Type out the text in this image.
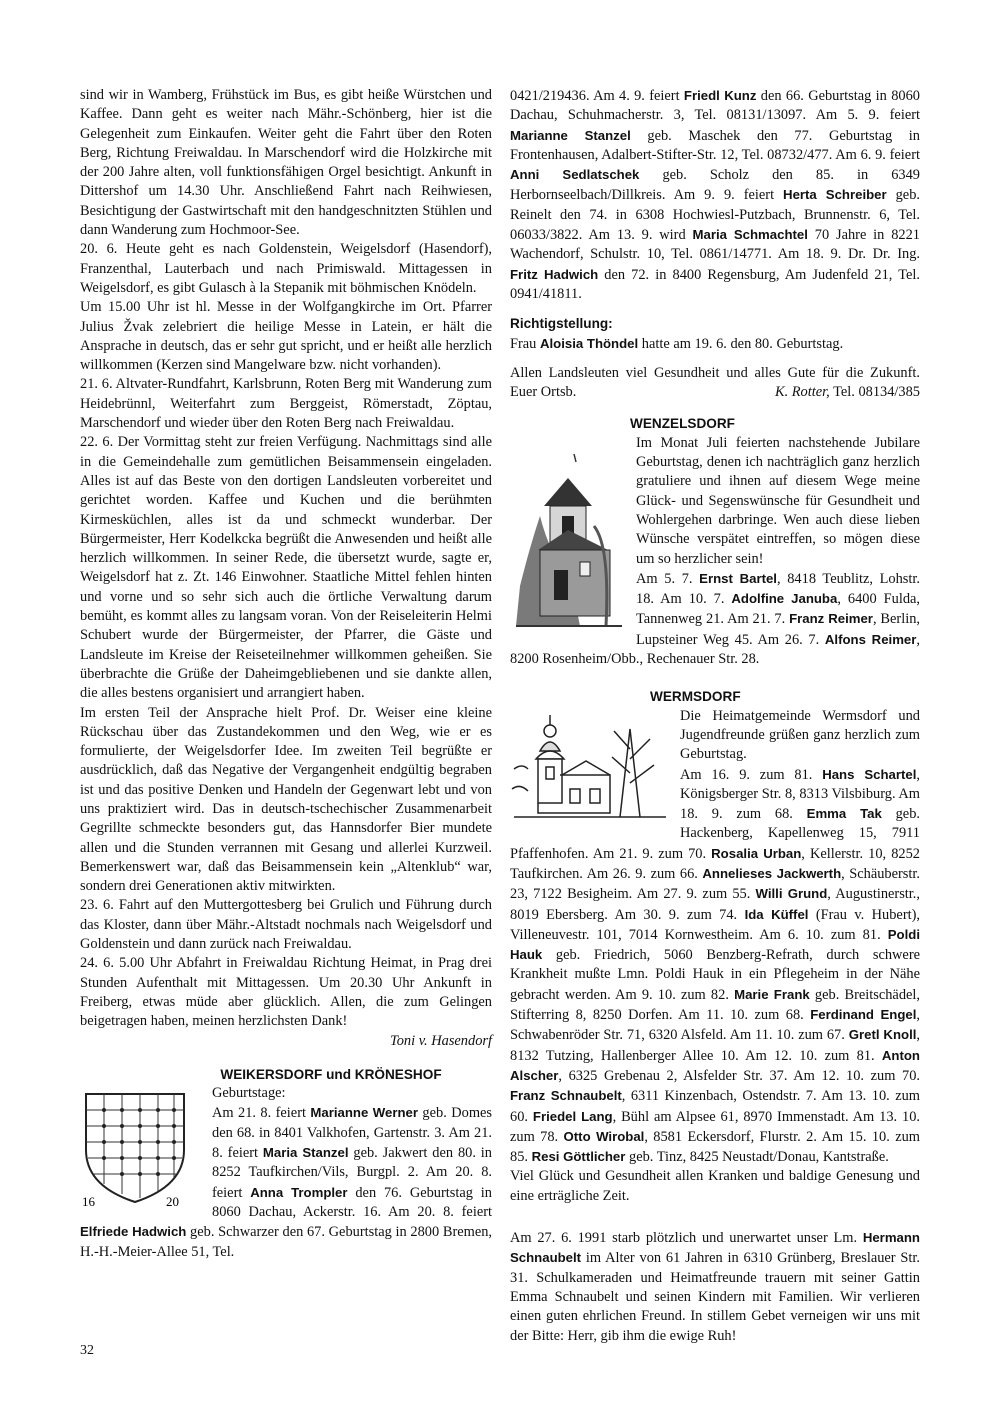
sind wir in Wamberg, Frühstück im Bus, es gibt heiße Würstchen und Kaffee. Dann geht es weiter nach Mähr.-Schönberg, hier ist die Gelegenheit zum Einkaufen. Weiter geht die Fahrt über den Roten Berg, Richtung Freiwaldau. In Marschendorf wird die Holzkirche mit der 200 Jahre alten, voll funktionsfähigen Orgel besichtigt. Ankunft in Dittershof um 14.30 Uhr. Anschließend Fahrt nach Reihwiesen, Besichtigung der Gastwirtschaft mit den handgeschnitzten Stühlen und dann Wanderung zum Hochmoor-See.

20. 6. Heute geht es nach Goldenstein, Weigelsdorf (Hasendorf), Franzenthal, Lauterbach und nach Primiswald. Mittagessen in Weigelsdorf, es gibt Gulasch à la Stepanik mit böhmischen Knödeln.

Um 15.00 Uhr ist hl. Messe in der Wolfgangkirche im Ort. Pfarrer Julius Žvak zelebriert die heilige Messe in Latein, er hält die Ansprache in deutsch, das er sehr gut spricht, und er heißt alle herzlich willkommen (Kerzen sind Mangelware bzw. nicht vorhanden).

21. 6. Altvater-Rundfahrt, Karlsbrunn, Roten Berg mit Wanderung zum Heidebrünnl, Weiterfahrt zum Berggeist, Römerstadt, Zöptau, Marschendorf und wieder über den Roten Berg nach Freiwaldau.

22. 6. Der Vormittag steht zur freien Verfügung. Nachmittags sind alle in die Gemeindehalle zum gemütlichen Beisammensein eingeladen. Alles ist auf das Beste von den dortigen Landsleuten vorbereitet und gerichtet worden. Kaffee und Kuchen und die berühmten Kirmesküchlen, alles ist da und schmeckt wunderbar. Der Bürgermeister, Herr Kodelkcka begrüßt die Anwesenden und heißt alle herzlich willkommen. In seiner Rede, die übersetzt wurde, sagte er, Weigelsdorf hat z. Zt. 146 Einwohner. Staatliche Mittel fehlen hinten und vorne und so sehr sich auch die örtliche Verwaltung darum bemüht, es kommt alles zu langsam voran. Von der Reiseleiterin Helmi Schubert wurde der Bürgermeister, der Pfarrer, die Gäste und Landsleute im Kreise der Reiseteilnehmer willkommen geheißen. Sie überbrachte die Grüße der Daheimgebliebenen und sie dankte allen, die alles bestens organisiert und arrangiert haben.

Im ersten Teil der Ansprache hielt Prof. Dr. Weiser eine kleine Rückschau über das Zustandekommen und den Weg, wie er es formulierte, der Weigelsdorfer Idee. Im zweiten Teil begrüßte er ausdrücklich, daß das Negative der Vergangenheit endgültig begraben ist und das positive Denken und Handeln der Gegenwart lebt und von uns praktiziert wird. Das in deutsch-tschechischer Zusammenarbeit Gegrillte schmeckte besonders gut, das Hannsdorfer Bier mundete allen und die Stunden verrannen mit Gesang und allerlei Kurzweil. Bemerkenswert war, daß das Beisammensein kein „Altenklub“ war, sondern drei Generationen aktiv mitwirkten.

23. 6. Fahrt auf den Muttergottesberg bei Grulich und Führung durch das Kloster, dann über Mähr.-Altstadt nochmals nach Weigelsdorf und Goldenstein und dann zurück nach Freiwaldau.

24. 6. 5.00 Uhr Abfahrt in Freiwaldau Richtung Heimat, in Prag drei Stunden Aufenthalt mit Mittagessen. Um 20.30 Uhr Ankunft in Freiberg, etwas müde aber glücklich. Allen, die zum Gelingen beigetragen haben, meinen herzlichsten Dank!

Toni v. Hasendorf

WEIKERSDORF und KRÖNESHOF

16	20

Geburtstage:

Am 21. 8. feiert Marianne Werner geb. Domes den 68. in 8401 Valkhofen, Gartenstr. 3. Am 21. 8. feiert Maria Stanzel geb. Jakwert den 80. in 8252 Taufkirchen/Vils, Burgpl. 2. Am 20. 8. feiert Anna Trompler den 76. Geburtstag in 8060 Dachau, Ackerstr. 16. Am 20. 8. feiert Elfriede Hadwich geb. Schwarzer den 67. Geburtstag in 2800 Bremen, H.-H.-Meier-Allee 51, Tel.

0421/219436. Am 4. 9. feiert Friedl Kunz den 66. Geburtstag in 8060 Dachau, Schuhmacherstr. 3, Tel. 08131/13097. Am 5. 9. feiert Marianne Stanzel geb. Maschek den 77. Geburtstag in Frontenhausen, Adalbert-Stifter-Str. 12, Tel. 08732/477. Am 6. 9. feiert Anni Sedlatschek geb. Scholz den 85. in 6349 Herbornseelbach/Dillkreis. Am 9. 9. feiert Herta Schreiber geb. Reinelt den 74. in 6308 Hochwiesl-Putzbach, Brunnenstr. 6, Tel. 06033/3822. Am 13. 9. wird Maria Schmachtel 70 Jahre in 8221 Wachendorf, Schulstr. 10, Tel. 0861/14771. Am 18. 9. Dr. Dr. Ing. Fritz Hadwich den 72. in 8400 Regensburg, Am Judenfeld 21, Tel. 0941/41811.

Richtigstellung:

Frau Aloisia Thöndel hatte am 19. 6. den 80. Geburtstag.

Allen Landsleuten viel Gesundheit und alles Gute für die Zukunft. Euer Ortsb.	K. Rotter, Tel. 08134/385

WENZELSDORF

Im Monat Juli feierten nachstehende Jubilare Geburtstag, denen ich nachträglich ganz herzlich gratuliere und ihnen auf diesem Wege meine Glück- und Segenswünsche für Gesundheit und Wohlergehen darbringe. Wen auch diese lieben Wünsche verspätet eintreffen, so mögen diese um so herzlicher sein!

Am 5. 7. Ernst Bartel, 8418 Teublitz, Lohstr. 18. Am 10. 7. Adolfine Januba, 6400 Fulda, Tannenweg 21. Am 21. 7. Franz Reimer, Berlin, Lupsteiner Weg 45. Am 26. 7. Alfons Reimer, 8200 Rosenheim/Obb., Rechenauer Str. 28.

WERMSDORF

Die Heimatgemeinde Wermsdorf und Jugendfreunde grüßen ganz herzlich zum Geburtstag.

Am 16. 9. zum 81. Hans Schartel, Königsberger Str. 8, 8313 Vilsbiburg. Am 18. 9. zum 68. Emma Tak geb. Hackenberg, Kapellenweg 15, 7911 Pfaffenhofen. Am 21. 9. zum 70. Rosalia Urban, Kellerstr. 10, 8252 Taufkirchen. Am 26. 9. zum 66. Annelieses Jackwerth, Schäuberstr. 23, 7122 Besigheim. Am 27. 9. zum 55. Willi Grund, Augustinerstr., 8019 Ebersberg. Am 30. 9. zum 74. Ida Küffel (Frau v. Hubert), Villeneuvestr. 101, 7014 Kornwestheim. Am 6. 10. zum 81. Poldi Hauk geb. Friedrich, 5060 Benzberg-Refrath, durch schwere Krankheit mußte Lmn. Poldi Hauk in ein Pflegeheim in der Nähe gebracht werden. Am 9. 10. zum 82. Marie Frank geb. Breitschädel, Stifterring 8, 8250 Dorfen. Am 11. 10. zum 68. Ferdinand Engel, Schwabenröder Str. 71, 6320 Alsfeld. Am 11. 10. zum 67. Gretl Knoll, 8132 Tutzing, Hallenberger Allee 10. Am 12. 10. zum 81. Anton Alscher, 6325 Grebenau 2, Alsfelder Str. 37. Am 12. 10. zum 70. Franz Schnaubelt, 6311 Kinzenbach, Ostendstr. 7. Am 13. 10. zum 60. Friedel Lang, Bühl am Alpsee 61, 8970 Immenstadt. Am 13. 10. zum 78. Otto Wirobal, 8581 Eckersdorf, Flurstr. 2. Am 15. 10. zum 85. Resi Göttlicher geb. Tinz, 8425 Neustadt/Donau, Kantstraße.

Viel Glück und Gesundheit allen Kranken und baldige Genesung und eine erträgliche Zeit.

Am 27. 6. 1991 starb plötzlich und unerwartet unser Lm. Hermann Schnaubelt im Alter von 61 Jahren in 6310 Grünberg, Breslauer Str. 31. Schulkameraden und Heimatfreunde trauern mit seiner Gattin Emma Schnaubelt und seinen Kindern mit Familien. Wir verlieren einen guten ehrlichen Freund. In stillem Gebet verneigen wir uns mit der Bitte: Herr, gib ihm die ewige Ruh!

32
